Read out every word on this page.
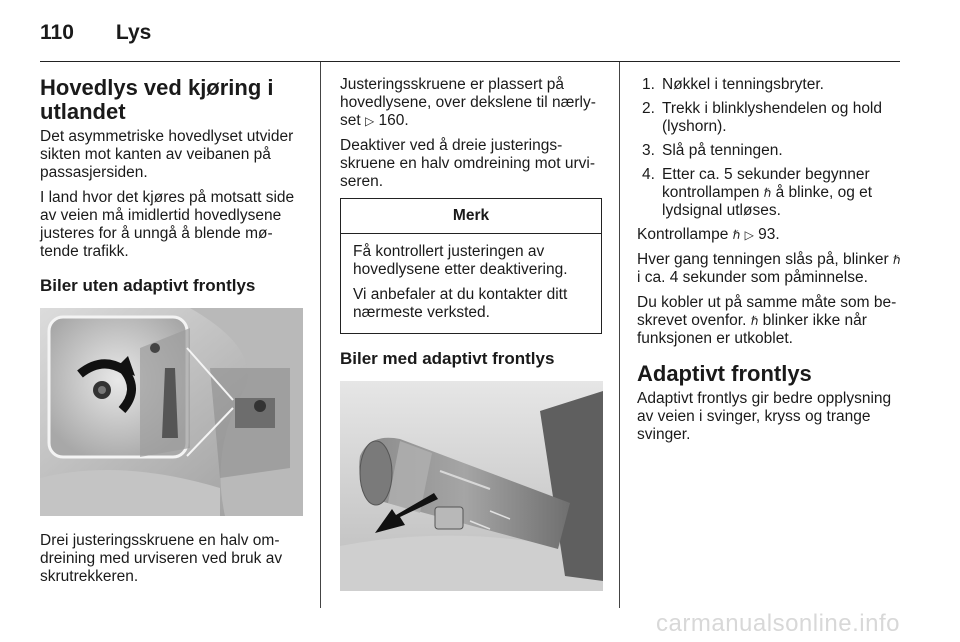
110 Lys
Hovedlys ved kjøring i utlandet

Det asymmetriske hovedlyset utvider sikten mot kanten av veibanen på passasjersiden.

I land hvor det kjøres på motsatt side av veien må imidlertid hovedlysene justeres for å unngå å blende møtende trafikk.

Biler uten adaptivt frontlys

Drei justeringsskruene en halv omdreining med urviseren ved bruk av skrutrekkeren.

Justeringsskruene er plassert på hovedlysene, over dekslene til nærlyset ▷ 160.

Deaktiver ved å dreie justeringsskruene en halv omdreining mot urviseren.

Merk

Få kontrollert justeringen av hovedlysene etter deaktivering.

Vi anbefaler at du kontakter ditt nærmeste verksted.

Biler med adaptivt frontlys
1. Nøkkel i tenningsbryter.
2. Trekk i blinklyshendelen og hold (lyshorn).
3. Slå på tenningen.
4. Etter ca. 5 sekunder begynner kontrollampen ℏ å blinke, og et lydsignal utløses.

Kontrollampe ℏ ▷ 93.

Hver gang tenningen slås på, blinker ℏ i ca. 4 sekunder som påminnelse.

Du kobler ut på samme måte som beskrevet ovenfor. ℏ blinker ikke når funksjonen er utkoblet.

Adaptivt frontlys

Adaptivt frontlys gir bedre opplysning av veien i svinger, kryss og trange svinger.

carmanualsonline.info
